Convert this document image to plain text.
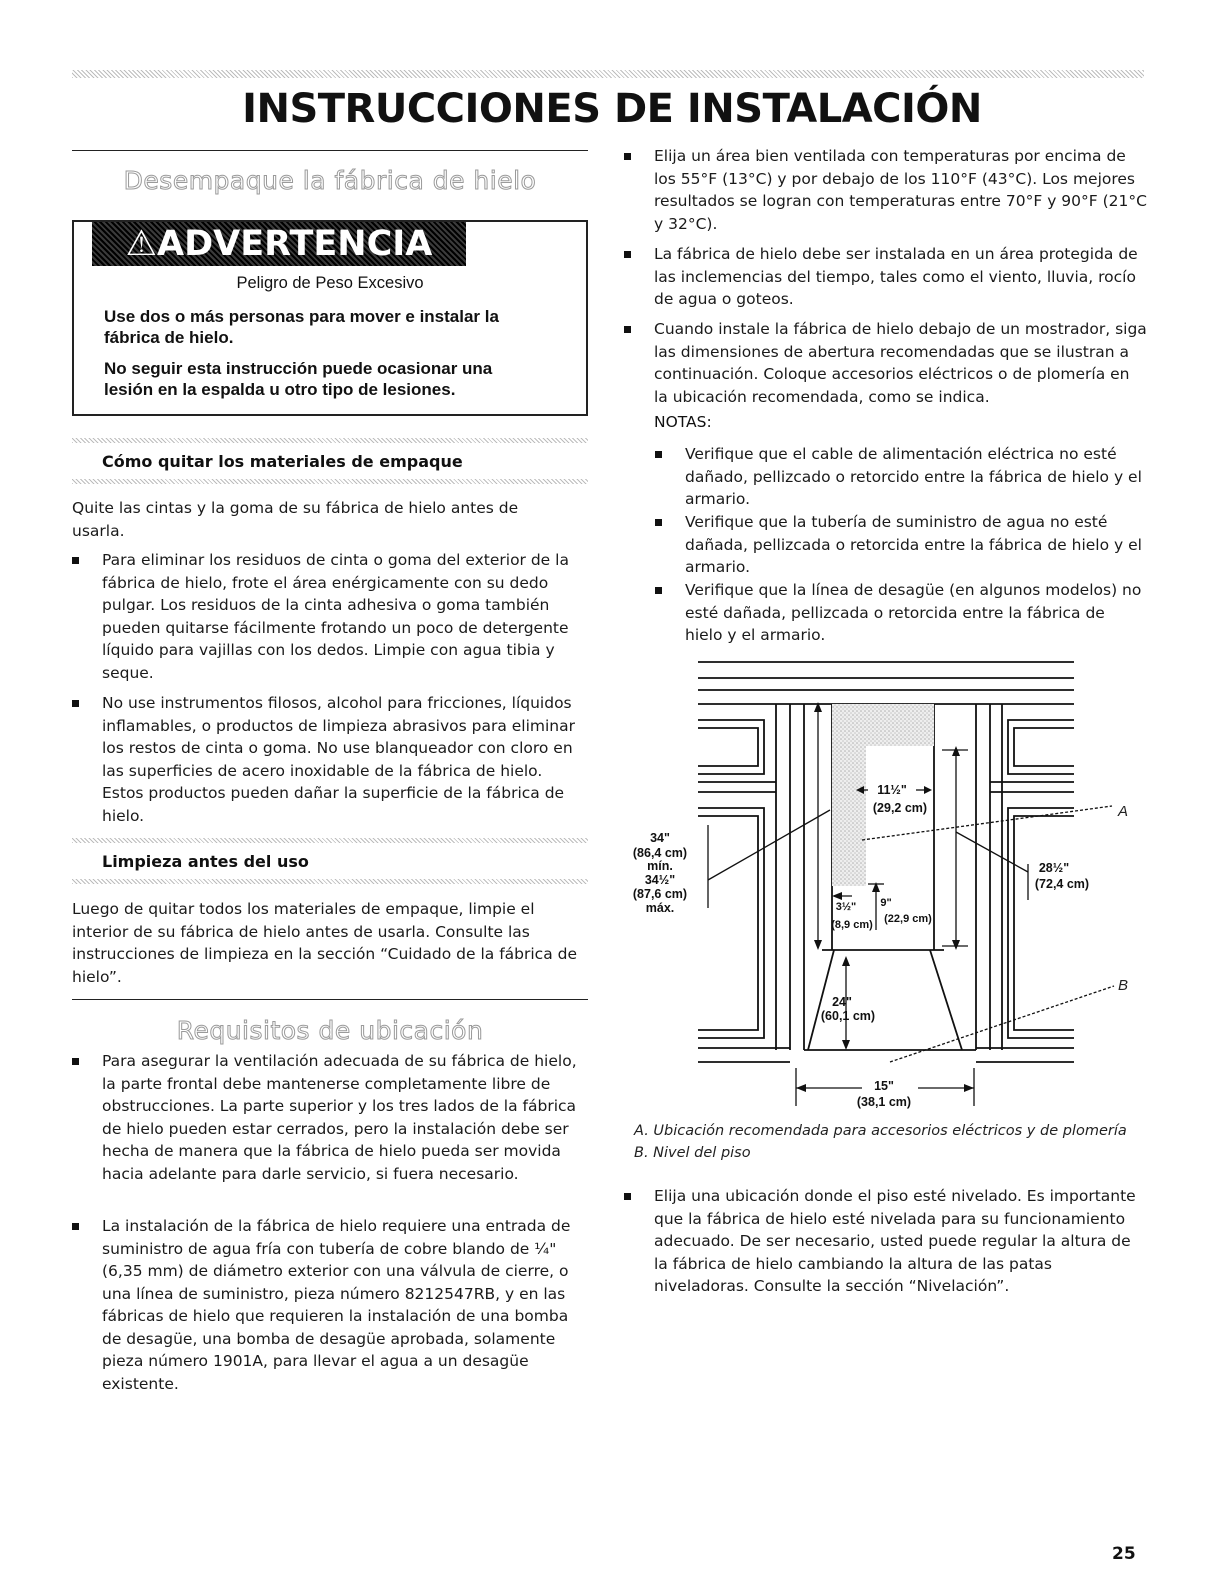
INSTRUCCIONES DE INSTALACIÓN
Desempaque la fábrica de hielo
⚠ADVERTENCIA
Peligro de Peso Excesivo
Use dos o más personas para mover e instalar la fábrica de hielo.
No seguir esta instrucción puede ocasionar una lesión en la espalda u otro tipo de lesiones.
Cómo quitar los materiales de empaque
Quite las cintas y la goma de su fábrica de hielo antes de usarla.
Para eliminar los residuos de cinta o goma del exterior de la fábrica de hielo, frote el área enérgicamente con su dedo pulgar. Los residuos de la cinta adhesiva o goma también pueden quitarse fácilmente frotando un poco de detergente líquido para vajillas con los dedos. Limpie con agua tibia y seque.
No use instrumentos filosos, alcohol para fricciones, líquidos inflamables, o productos de limpieza abrasivos para eliminar los restos de cinta o goma. No use blanqueador con cloro en las superficies de acero inoxidable de la fábrica de hielo. Estos productos pueden dañar la superficie de la fábrica de hielo.
Limpieza antes del uso
Luego de quitar todos los materiales de empaque, limpie el interior de su fábrica de hielo antes de usarla. Consulte las instrucciones de limpieza en la sección “Cuidado de la fábrica de hielo”.
Requisitos de ubicación
Para asegurar la ventilación adecuada de su fábrica de hielo, la parte frontal debe mantenerse completamente libre de obstrucciones. La parte superior y los tres lados de la fábrica de hielo pueden estar cerrados, pero la instalación debe ser hecha de manera que la fábrica de hielo pueda ser movida hacia adelante para darle servicio, si fuera necesario.
La instalación de la fábrica de hielo requiere una entrada de suministro de agua fría con tubería de cobre blando de ¼" (6,35 mm) de diámetro exterior con una válvula de cierre, o una línea de suministro, pieza número 8212547RB, y en las fábricas de hielo que requieren la instalación de una bomba de desagüe, una bomba de desagüe aprobada, solamente pieza número 1901A, para llevar el agua a un desagüe existente.
Elija un área bien ventilada con temperaturas por encima de los 55°F (13°C) y por debajo de los 110°F (43°C). Los mejores resultados se logran con temperaturas entre 70°F y 90°F (21°C y 32°C).
La fábrica de hielo debe ser instalada en un área protegida de las inclemencias del tiempo, tales como el viento, lluvia, rocío de agua o goteos.
Cuando instale la fábrica de hielo debajo de un mostrador, siga las dimensiones de abertura recomendadas que se ilustran a continuación. Coloque accesorios eléctricos o de plomería en la ubicación recomendada, como se indica.
NOTAS:
Verifique que el cable de alimentación eléctrica no esté dañado, pellizcado o retorcido entre la fábrica de hielo y el armario.
Verifique que la tubería de suministro de agua no esté dañada, pellizcada o retorcida entre la fábrica de hielo y el armario.
Verifique que la línea de desagüe (en algunos modelos) no esté dañada, pellizcada o retorcida entre la fábrica de hielo y el armario.
34"
(86,4 cm)
mín.
34½"
(87,6 cm)
máx.
11½"
(29,2 cm)
28½"
(72,4 cm)
3½"
(8,9 cm)
9"
(22,9 cm)
24"
(60,1 cm)
15"
(38,1 cm)
A
B
A. Ubicación recomendada para accesorios eléctricos y de plomería
B. Nivel del piso
Elija una ubicación donde el piso esté nivelado. Es importante que la fábrica de hielo esté nivelada para su funcionamiento adecuado. De ser necesario, usted puede regular la altura de la fábrica de hielo cambiando la altura de las patas niveladoras. Consulte la sección “Nivelación”.
25
